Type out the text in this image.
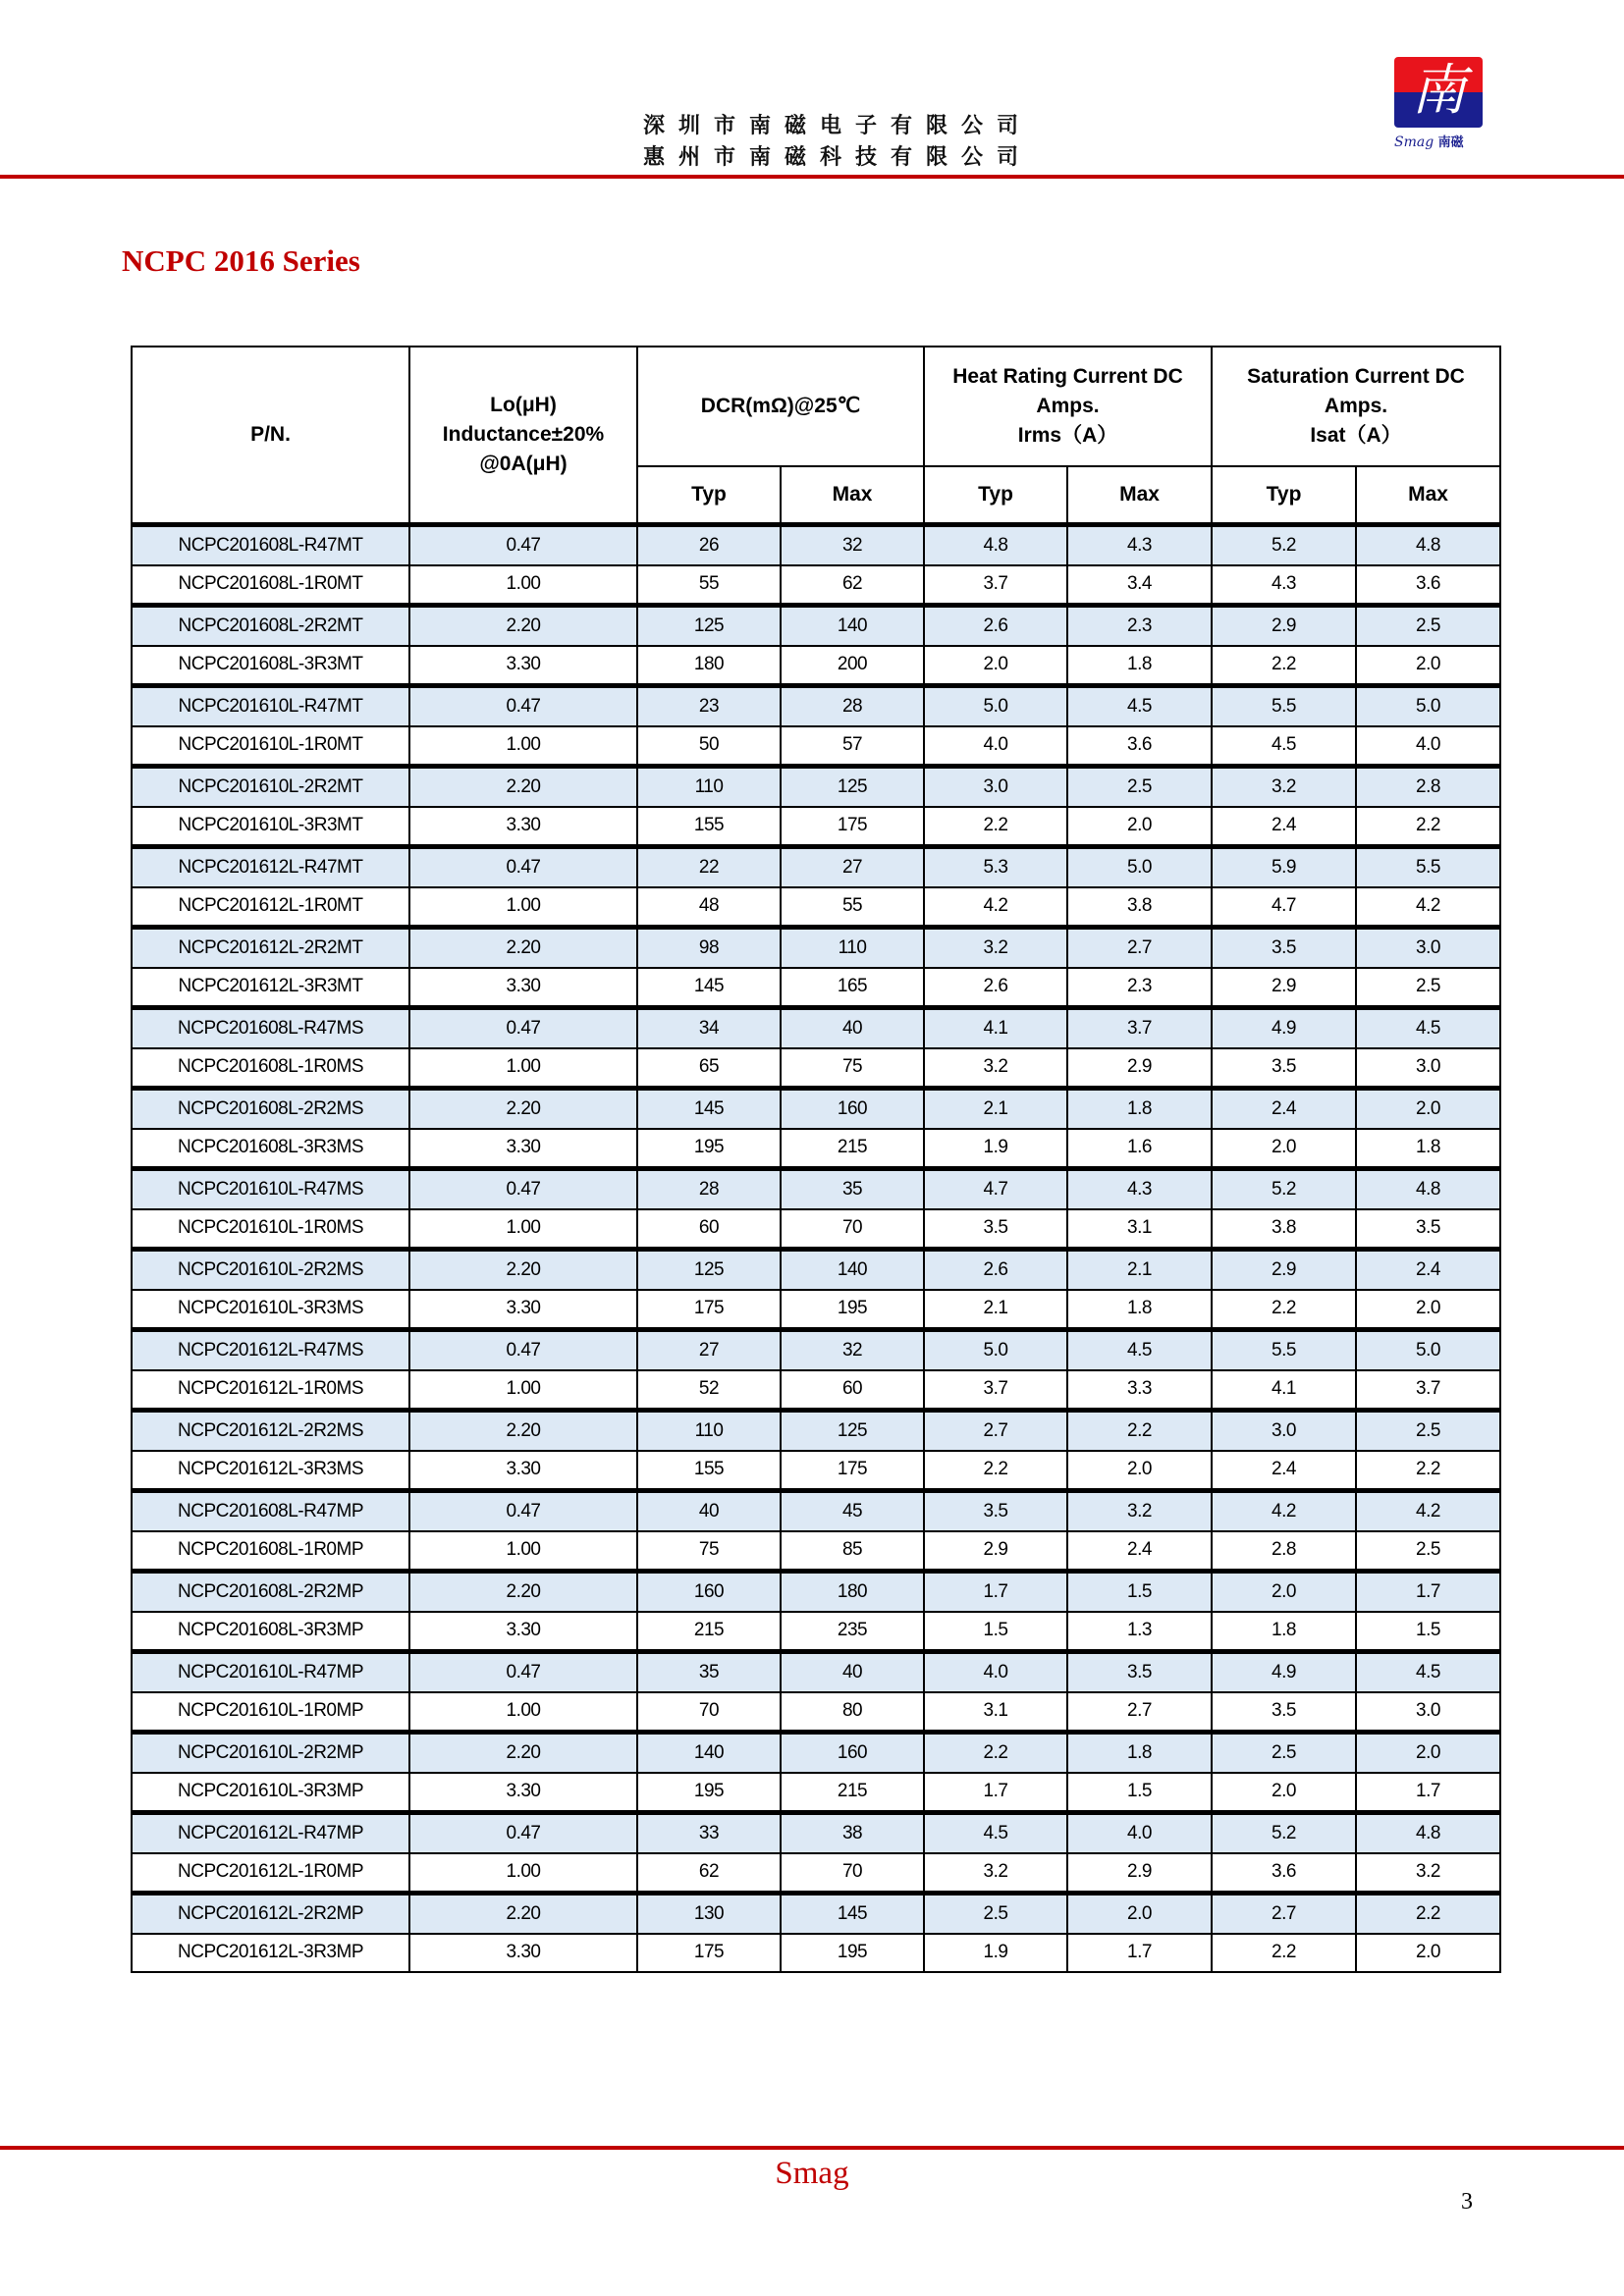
深圳市南磁电子有限公司
惠州市南磁科技有限公司
南
Smag 南磁
NCPC 2016 Series
P/N.	
Lo(μH)
Inductance±20%
@0A(μH)
	DCR(mΩ)@25℃	
Heat Rating Current DC
Amps.
Irms（A）

Saturation Current DC
Amps.
Isat（A）

		Typ	Max	Typ	Max	Typ	Max
NCPC201608L-R47MT	0.47	26	32	4.8	4.3	5.2	4.8
NCPC201608L-1R0MT	1.00	55	62	3.7	3.4	4.3	3.6
NCPC201608L-2R2MT	2.20	125	140	2.6	2.3	2.9	2.5
NCPC201608L-3R3MT	3.30	180	200	2.0	1.8	2.2	2.0
NCPC201610L-R47MT	0.47	23	28	5.0	4.5	5.5	5.0
NCPC201610L-1R0MT	1.00	50	57	4.0	3.6	4.5	4.0
NCPC201610L-2R2MT	2.20	110	125	3.0	2.5	3.2	2.8
NCPC201610L-3R3MT	3.30	155	175	2.2	2.0	2.4	2.2
NCPC201612L-R47MT	0.47	22	27	5.3	5.0	5.9	5.5
NCPC201612L-1R0MT	1.00	48	55	4.2	3.8	4.7	4.2
NCPC201612L-2R2MT	2.20	98	110	3.2	2.7	3.5	3.0
NCPC201612L-3R3MT	3.30	145	165	2.6	2.3	2.9	2.5
NCPC201608L-R47MS	0.47	34	40	4.1	3.7	4.9	4.5
NCPC201608L-1R0MS	1.00	65	75	3.2	2.9	3.5	3.0
NCPC201608L-2R2MS	2.20	145	160	2.1	1.8	2.4	2.0
NCPC201608L-3R3MS	3.30	195	215	1.9	1.6	2.0	1.8
NCPC201610L-R47MS	0.47	28	35	4.7	4.3	5.2	4.8
NCPC201610L-1R0MS	1.00	60	70	3.5	3.1	3.8	3.5
NCPC201610L-2R2MS	2.20	125	140	2.6	2.1	2.9	2.4
NCPC201610L-3R3MS	3.30	175	195	2.1	1.8	2.2	2.0
NCPC201612L-R47MS	0.47	27	32	5.0	4.5	5.5	5.0
NCPC201612L-1R0MS	1.00	52	60	3.7	3.3	4.1	3.7
NCPC201612L-2R2MS	2.20	110	125	2.7	2.2	3.0	2.5
NCPC201612L-3R3MS	3.30	155	175	2.2	2.0	2.4	2.2
NCPC201608L-R47MP	0.47	40	45	3.5	3.2	4.2	4.2
NCPC201608L-1R0MP	1.00	75	85	2.9	2.4	2.8	2.5
NCPC201608L-2R2MP	2.20	160	180	1.7	1.5	2.0	1.7
NCPC201608L-3R3MP	3.30	215	235	1.5	1.3	1.8	1.5
NCPC201610L-R47MP	0.47	35	40	4.0	3.5	4.9	4.5
NCPC201610L-1R0MP	1.00	70	80	3.1	2.7	3.5	3.0
NCPC201610L-2R2MP	2.20	140	160	2.2	1.8	2.5	2.0
NCPC201610L-3R3MP	3.30	195	215	1.7	1.5	2.0	1.7
NCPC201612L-R47MP	0.47	33	38	4.5	4.0	5.2	4.8
NCPC201612L-1R0MP	1.00	62	70	3.2	2.9	3.6	3.2
NCPC201612L-2R2MP	2.20	130	145	2.5	2.0	2.7	2.2
NCPC201612L-3R3MP	3.30	175	195	1.9	1.7	2.2	2.0
Smag
3
